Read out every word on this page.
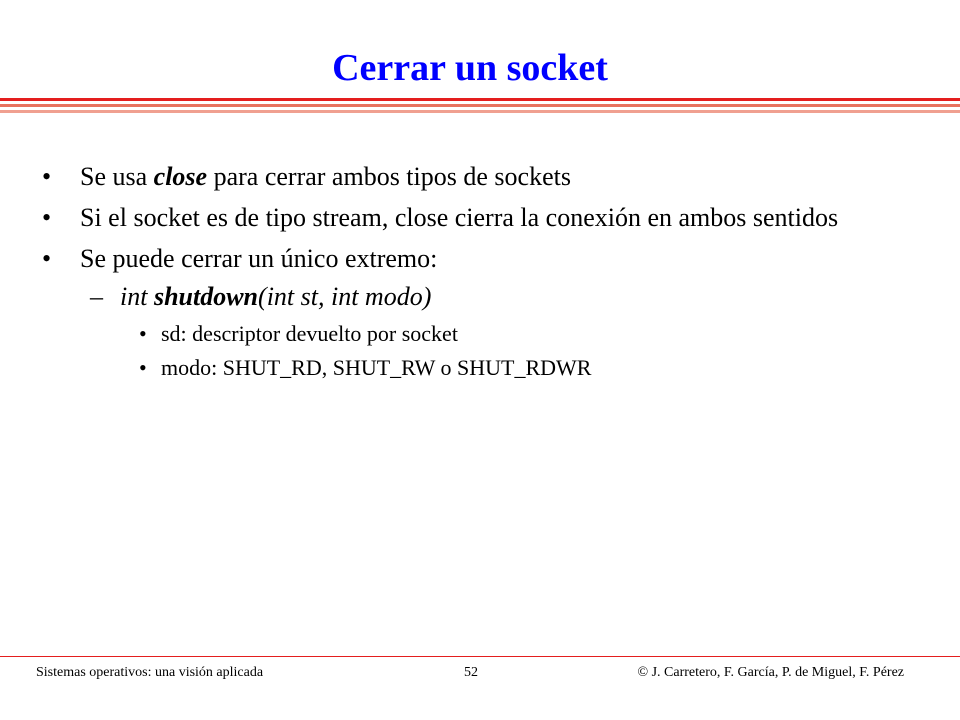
Cerrar un socket
• Se usa close para cerrar ambos tipos de sockets
• Si el socket es de tipo stream, close cierra la conexión en ambos sentidos
• Se puede cerrar un único extremo:
– int shutdown(int st, int modo)
• sd: descriptor devuelto por socket
• modo: SHUT_RD, SHUT_RW o SHUT_RDWR
Sistemas operativos: una visión aplicada	52	© J. Carretero, F. García, P. de Miguel, F. Pérez
